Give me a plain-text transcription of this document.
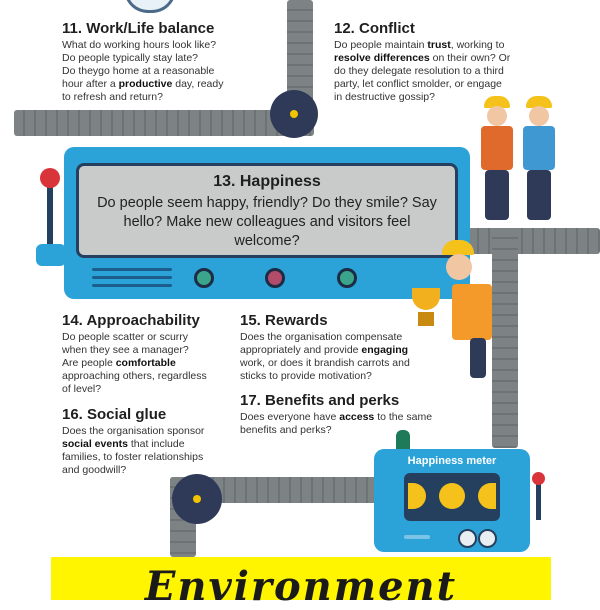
11. Work/Life balance

What do working hours look like?
Do people typically stay late?
Do theygo home at a reasonable
hour after a productive day, ready
to refresh and return?

12. Conflict

Do people maintain trust, working to
resolve differences on their own? Or
do they delegate resolution to a third
party, let conflict smolder, or engage
in destructive gossip?

13. Happiness

Do people seem happy, friendly? Do they smile? Say hello? Make new colleagues and visitors feel welcome?

14. Approachability

Do people scatter or scurry
when they see a manager?
Are people comfortable
approaching others, regardless
of level?

15. Rewards

Does the organisation compensate
appropriately and provide engaging
work, or does it brandish carrots and
sticks to provide motivation?

16. Social glue

Does the organisation sponsor
social events that include
families, to foster relationships
and goodwill?

17. Benefits and perks

Does everyone have access to the same
benefits and perks?

Happiness meter
Environment
